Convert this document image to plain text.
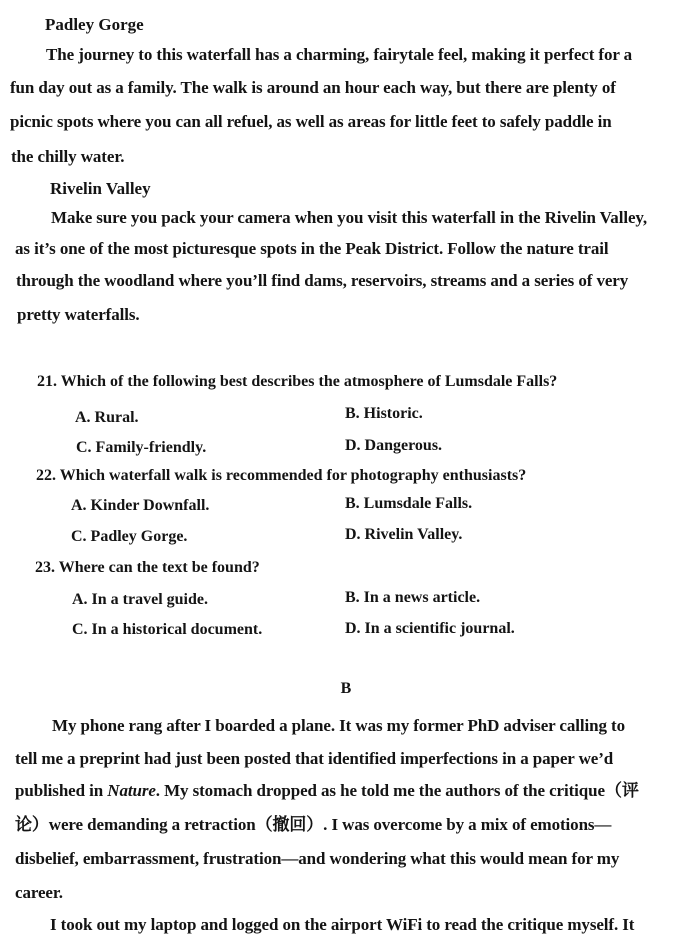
Padley Gorge
The journey to this waterfall has a charming, fairytale feel, making it perfect for a
fun day out as a family. The walk is around an hour each way, but there are plenty of
picnic spots where you can all refuel, as well as areas for little feet to safely paddle in
the chilly water.
Rivelin Valley
Make sure you pack your camera when you visit this waterfall in the Rivelin Valley,
as it’s one of the most picturesque spots in the Peak District. Follow the nature trail
through the woodland where you’ll find dams, reservoirs, streams and a series of very
pretty waterfalls.
21. Which of the following best describes the atmosphere of Lumsdale Falls?
A. Rural.	B. Historic.
C. Family-friendly.	D. Dangerous.
22. Which waterfall walk is recommended for photography enthusiasts?
A. Kinder Downfall.	B. Lumsdale Falls.
C. Padley Gorge.	D. Rivelin Valley.
23. Where can the text be found?
A. In a travel guide.	B. In a news article.
C. In a historical document.	D. In a scientific journal.
B
My phone rang after I boarded a plane. It was my former PhD adviser calling to
tell me a preprint had just been posted that identified imperfections in a paper we’d
published in Nature. My stomach dropped as he told me the authors of the critique（评
论）were demanding a retraction（撤回）. I was overcome by a mix of emotions—
disbelief, embarrassment, frustration—and wondering what this would mean for my
career.
I took out my laptop and logged on the airport WiFi to read the critique myself. It
